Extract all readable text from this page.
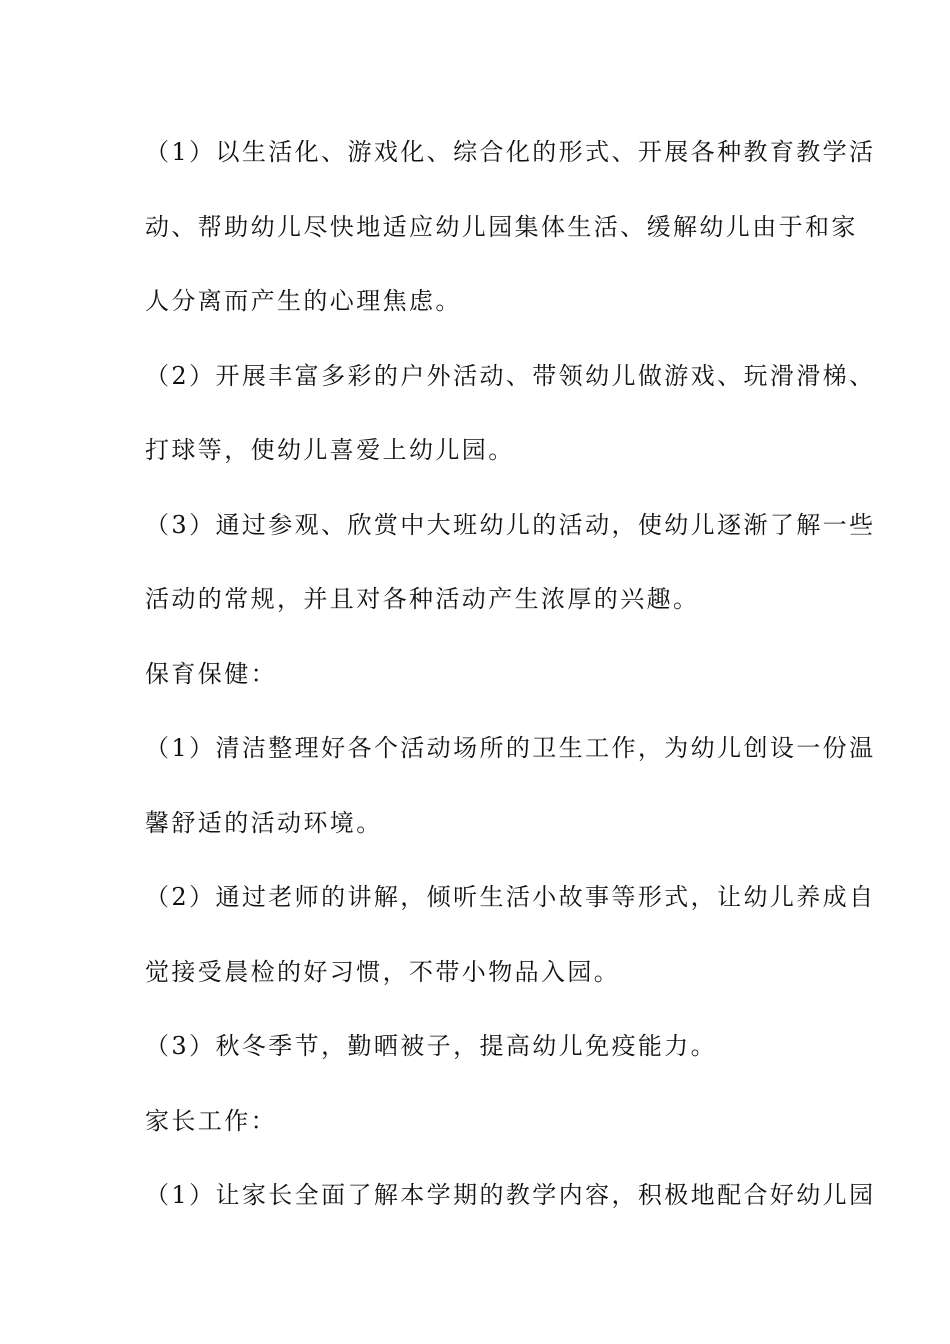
（1）以生活化、游戏化、综合化的形式、开展各种教育教学活
动、帮助幼儿尽快地适应幼儿园集体生活、缓解幼儿由于和家
人分离而产生的心理焦虑。
（2）开展丰富多彩的户外活动、带领幼儿做游戏、玩滑滑梯、
打球等，使幼儿喜爱上幼儿园。
（3）通过参观、欣赏中大班幼儿的活动，使幼儿逐渐了解一些
活动的常规，并且对各种活动产生浓厚的兴趣。
保育保健：
（1）清洁整理好各个活动场所的卫生工作，为幼儿创设一份温
馨舒适的活动环境。
（2）通过老师的讲解，倾听生活小故事等形式，让幼儿养成自
觉接受晨检的好习惯，不带小物品入园。
（3）秋冬季节，勤晒被子，提高幼儿免疫能力。
家长工作：
（1）让家长全面了解本学期的教学内容，积极地配合好幼儿园
